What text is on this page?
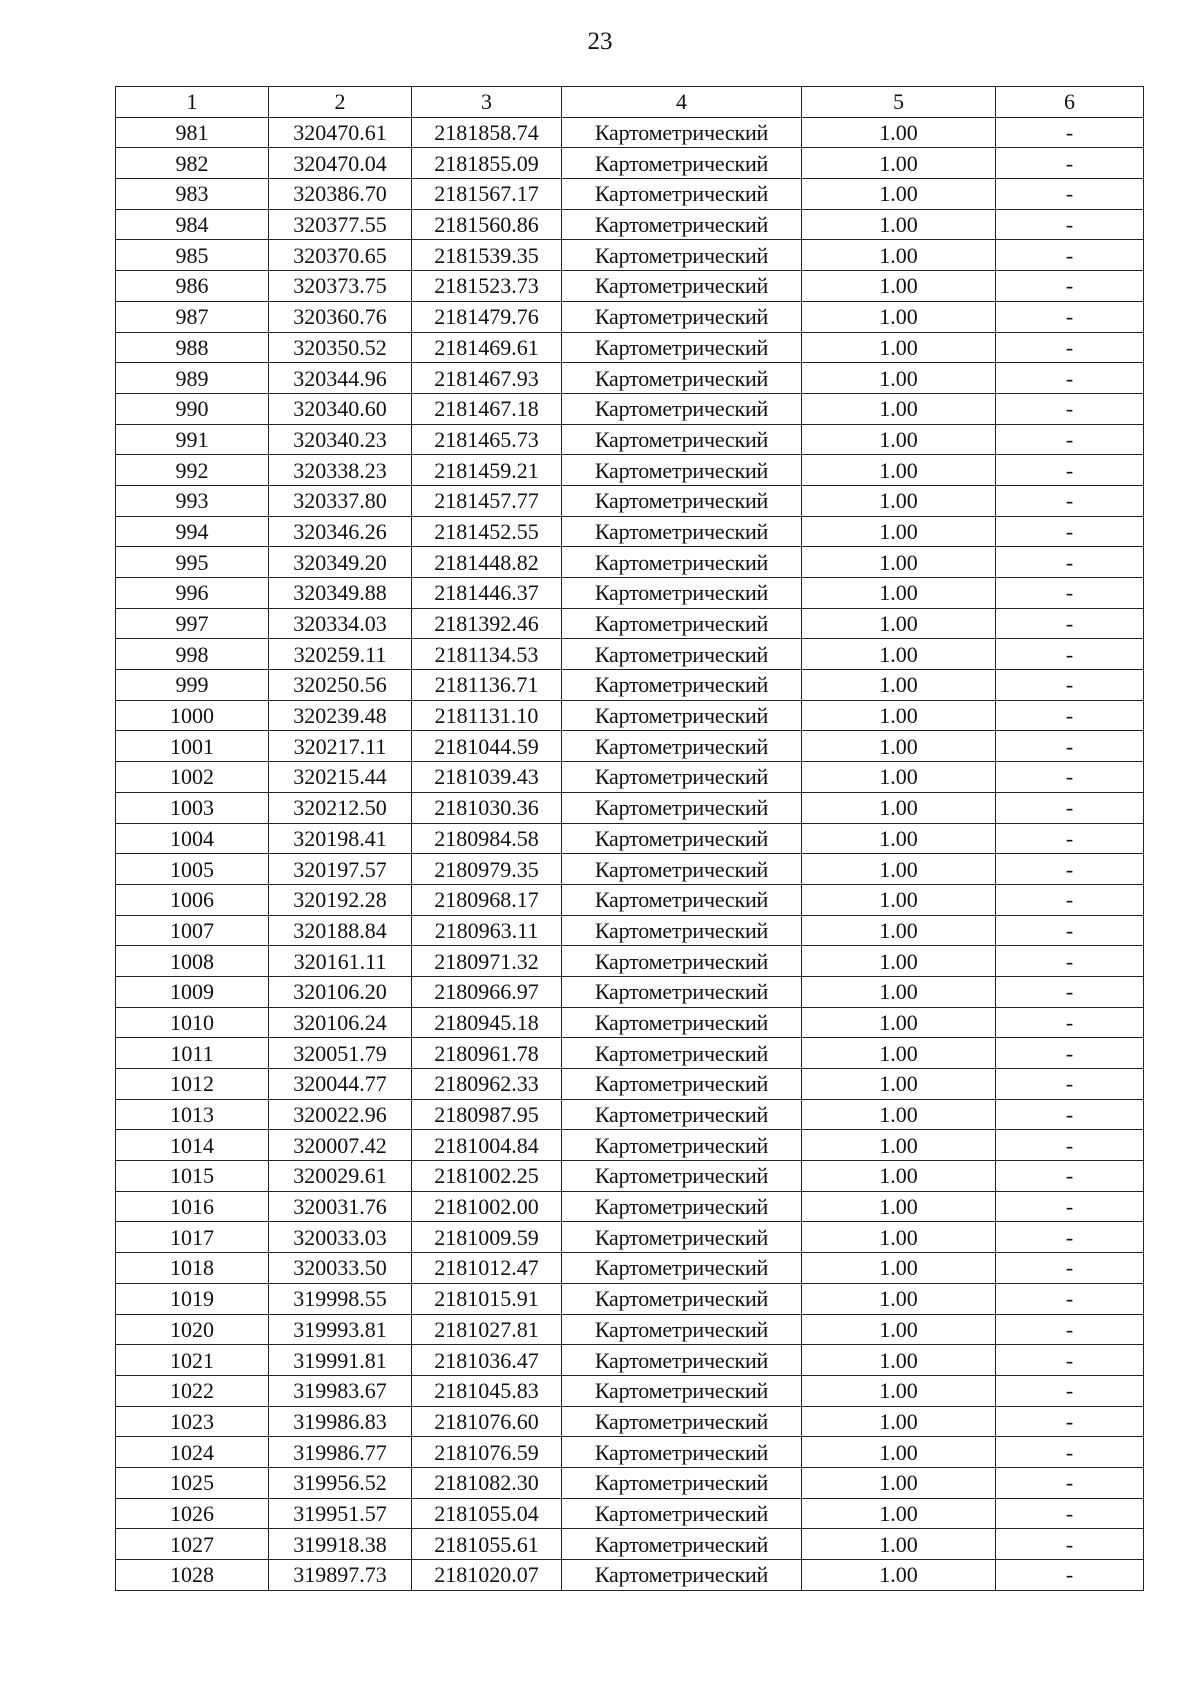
23
1	2	3	4	5	6
981	320470.61	2181858.74	Картометрический	1.00	-
982	320470.04	2181855.09	Картометрический	1.00	-
983	320386.70	2181567.17	Картометрический	1.00	-
984	320377.55	2181560.86	Картометрический	1.00	-
985	320370.65	2181539.35	Картометрический	1.00	-
986	320373.75	2181523.73	Картометрический	1.00	-
987	320360.76	2181479.76	Картометрический	1.00	-
988	320350.52	2181469.61	Картометрический	1.00	-
989	320344.96	2181467.93	Картометрический	1.00	-
990	320340.60	2181467.18	Картометрический	1.00	-
991	320340.23	2181465.73	Картометрический	1.00	-
992	320338.23	2181459.21	Картометрический	1.00	-
993	320337.80	2181457.77	Картометрический	1.00	-
994	320346.26	2181452.55	Картометрический	1.00	-
995	320349.20	2181448.82	Картометрический	1.00	-
996	320349.88	2181446.37	Картометрический	1.00	-
997	320334.03	2181392.46	Картометрический	1.00	-
998	320259.11	2181134.53	Картометрический	1.00	-
999	320250.56	2181136.71	Картометрический	1.00	-
1000	320239.48	2181131.10	Картометрический	1.00	-
1001	320217.11	2181044.59	Картометрический	1.00	-
1002	320215.44	2181039.43	Картометрический	1.00	-
1003	320212.50	2181030.36	Картометрический	1.00	-
1004	320198.41	2180984.58	Картометрический	1.00	-
1005	320197.57	2180979.35	Картометрический	1.00	-
1006	320192.28	2180968.17	Картометрический	1.00	-
1007	320188.84	2180963.11	Картометрический	1.00	-
1008	320161.11	2180971.32	Картометрический	1.00	-
1009	320106.20	2180966.97	Картометрический	1.00	-
1010	320106.24	2180945.18	Картометрический	1.00	-
1011	320051.79	2180961.78	Картометрический	1.00	-
1012	320044.77	2180962.33	Картометрический	1.00	-
1013	320022.96	2180987.95	Картометрический	1.00	-
1014	320007.42	2181004.84	Картометрический	1.00	-
1015	320029.61	2181002.25	Картометрический	1.00	-
1016	320031.76	2181002.00	Картометрический	1.00	-
1017	320033.03	2181009.59	Картометрический	1.00	-
1018	320033.50	2181012.47	Картометрический	1.00	-
1019	319998.55	2181015.91	Картометрический	1.00	-
1020	319993.81	2181027.81	Картометрический	1.00	-
1021	319991.81	2181036.47	Картометрический	1.00	-
1022	319983.67	2181045.83	Картометрический	1.00	-
1023	319986.83	2181076.60	Картометрический	1.00	-
1024	319986.77	2181076.59	Картометрический	1.00	-
1025	319956.52	2181082.30	Картометрический	1.00	-
1026	319951.57	2181055.04	Картометрический	1.00	-
1027	319918.38	2181055.61	Картометрический	1.00	-
1028	319897.73	2181020.07	Картометрический	1.00	-
